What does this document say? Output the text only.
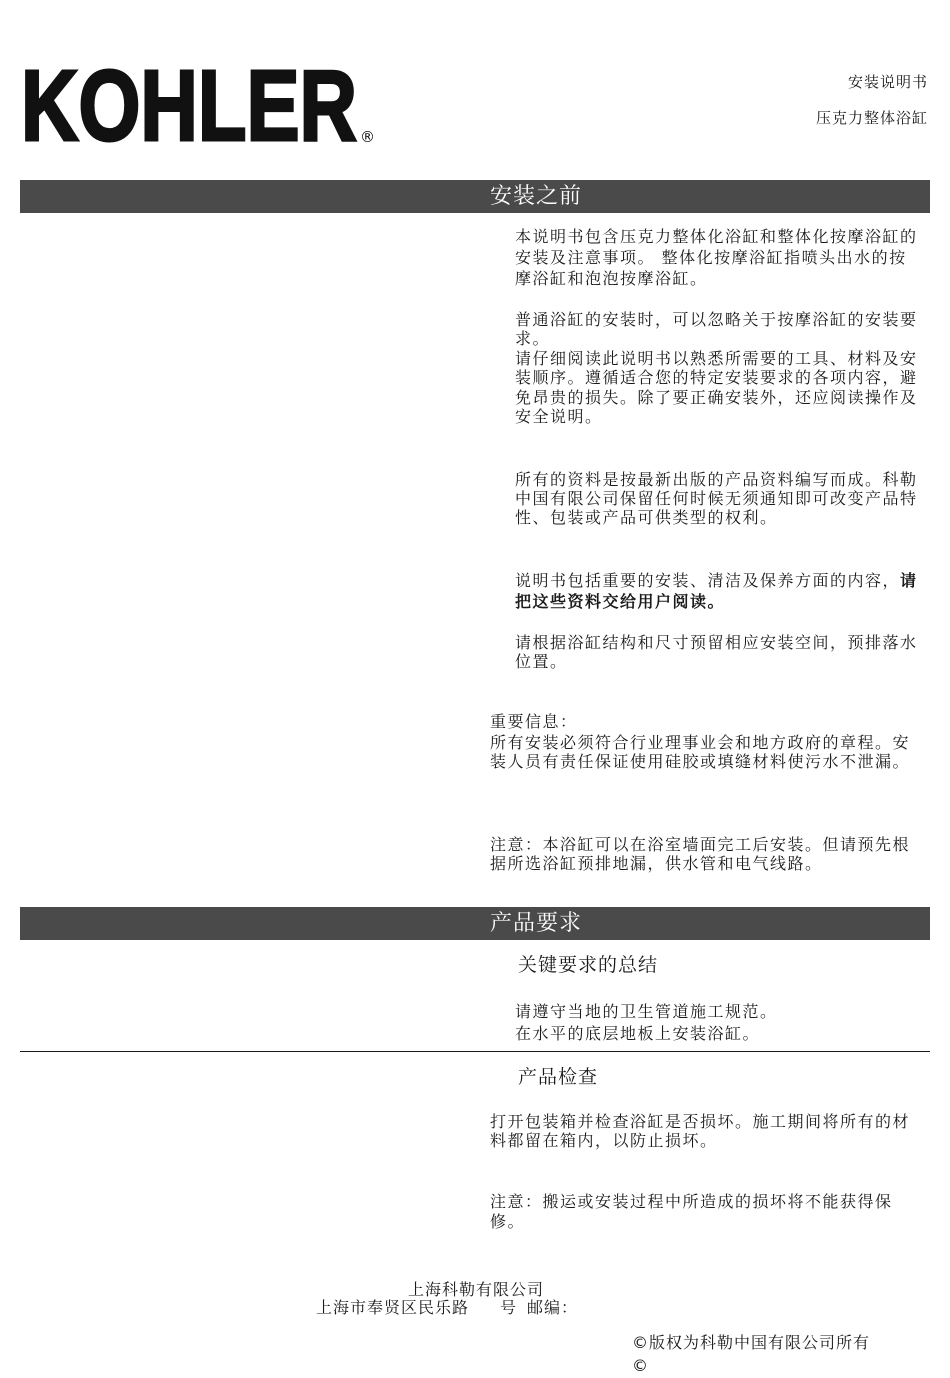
KOHLER ®
安装说明书
压克力整体浴缸
安装之前
本说明书包含压克力整体化浴缸和整体化按摩浴缸的
安装及注意事项。 整体化按摩浴缸指喷头出水的按
摩浴缸和泡泡按摩浴缸。
普通浴缸的安装时，可以忽略关于按摩浴缸的安装要
求。
请仔细阅读此说明书以熟悉所需要的工具、材料及安
装顺序。遵循适合您的特定安装要求的各项内容，避
免昂贵的损失。除了要正确安装外，还应阅读操作及
安全说明。
所有的资料是按最新出版的产品资料编写而成。科勒
中国有限公司保留任何时候无须通知即可改变产品特
性、包装或产品可供类型的权利。
说明书包括重要的安装、清洁及保养方面的内容，请
把这些资料交给用户阅读。
请根据浴缸结构和尺寸预留相应安装空间，预排落水
位置。
重要信息：
所有安装必须符合行业理事业会和地方政府的章程。安
装人员有责任保证使用硅胶或填缝材料使污水不泄漏。
注意：本浴缸可以在浴室墙面完工后安装。但请预先根
据所选浴缸预排地漏，供水管和电气线路。
产品要求
关键要求的总结
请遵守当地的卫生管道施工规范。
在水平的底层地板上安装浴缸。
产品检查
打开包装箱并检查浴缸是否损坏。施工期间将所有的材
料都留在箱内，以防止损坏。
注意：搬运或安装过程中所造成的损坏将不能获得保
修。
上海科勒有限公司
上海市奉贤区民乐路 号 邮编：
©版权为科勒中国有限公司所有
©
